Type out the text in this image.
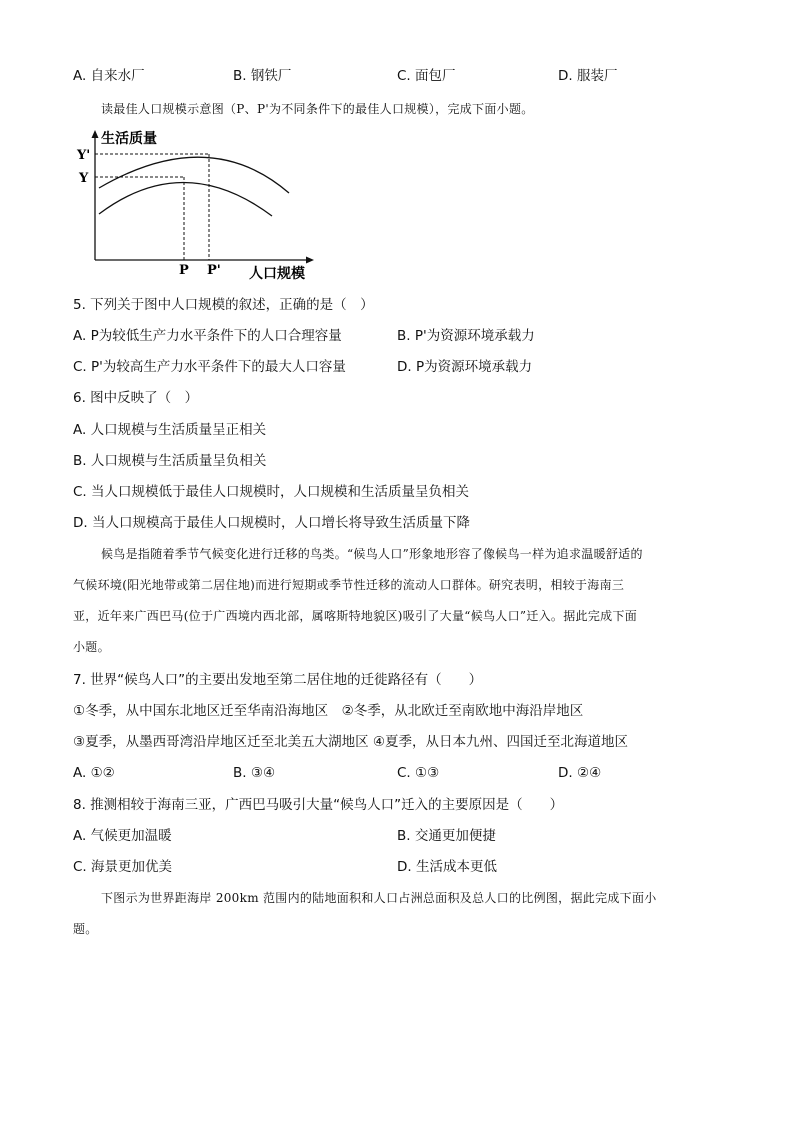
A. 自来水厂	B. 钢铁厂	C. 面包厂	D. 服装厂
读最佳人口规模示意图（P、P'为不同条件下的最佳人口规模），完成下面小题。
生活质量
Y'
Y
P P' 人口规模
5. 下列关于图中人口规模的叙述，正确的是（　）
A. P为较低生产力水平条件下的人口合理容量	B. P'为资源环境承载力
C. P'为较高生产力水平条件下的最大人口容量	D. P为资源环境承载力
6. 图中反映了（　）
A. 人口规模与生活质量呈正相关
B. 人口规模与生活质量呈负相关
C. 当人口规模低于最佳人口规模时，人口规模和生活质量呈负相关
D. 当人口规模高于最佳人口规模时，人口增长将导致生活质量下降
候鸟是指随着季节气候变化进行迁移的鸟类。“候鸟人口”形象地形容了像候鸟一样为追求温暖舒适的
气候环境(阳光地带或第二居住地)而进行短期或季节性迁移的流动人口群体。研究表明，相较于海南三
亚，近年来广西巴马(位于广西境内西北部，属喀斯特地貌区)吸引了大量“候鸟人口”迁入。据此完成下面
小题。
7. 世界“候鸟人口”的主要出发地至第二居住地的迁徙路径有（　　）
①冬季，从中国东北地区迁至华南沿海地区　②冬季，从北欧迁至南欧地中海沿岸地区
③夏季，从墨西哥湾沿岸地区迁至北美五大湖地区 ④夏季，从日本九州、四国迁至北海道地区
A. ①②	B. ③④	C. ①③	D. ②④
8. 推测相较于海南三亚，广西巴马吸引大量“候鸟人口”迁入的主要原因是（　　）
A. 气候更加温暖	B. 交通更加便捷
C. 海景更加优美	D. 生活成本更低
下图示为世界距海岸 200km 范围内的陆地面积和人口占洲总面积及总人口的比例图，据此完成下面小
题。
